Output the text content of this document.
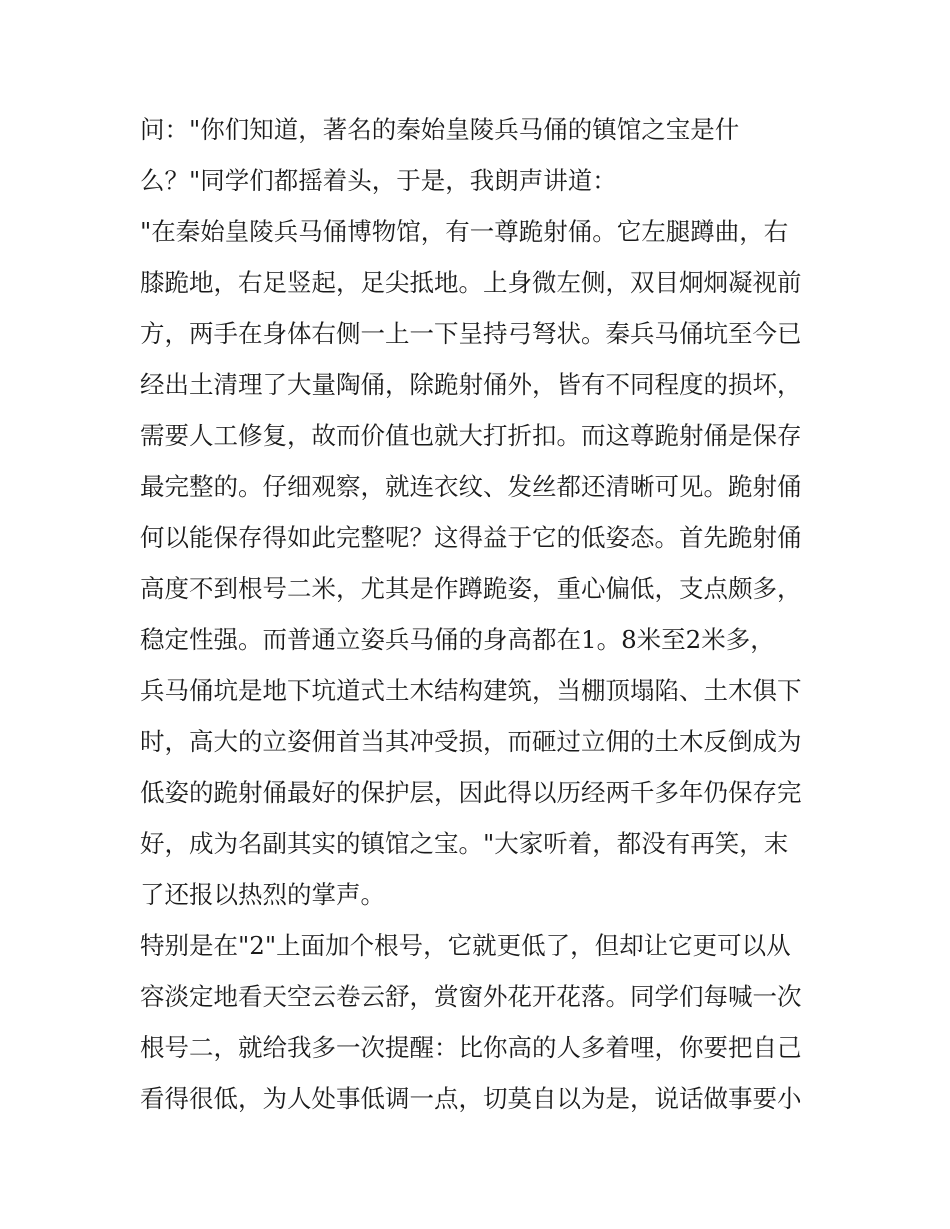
问："你们知道，著名的秦始皇陵兵马俑的镇馆之宝是什
么？"同学们都摇着头，于是，我朗声讲道：
"在秦始皇陵兵马俑博物馆，有一尊跪射俑。它左腿蹲曲，右
膝跪地，右足竖起，足尖抵地。上身微左侧，双目炯炯凝视前
方，两手在身体右侧一上一下呈持弓弩状。秦兵马俑坑至今已
经出土清理了大量陶俑，除跪射俑外，皆有不同程度的损坏，
需要人工修复，故而价值也就大打折扣。而这尊跪射俑是保存
最完整的。仔细观察，就连衣纹、发丝都还清晰可见。跪射俑
何以能保存得如此完整呢？这得益于它的低姿态。首先跪射俑
高度不到根号二米，尤其是作蹲跪姿，重心偏低，支点颇多，
稳定性强。而普通立姿兵马俑的身高都在1。8米至2米多，
兵马俑坑是地下坑道式土木结构建筑，当棚顶塌陷、土木俱下
时，高大的立姿佣首当其冲受损，而砸过立佣的土木反倒成为
低姿的跪射俑最好的保护层，因此得以历经两千多年仍保存完
好，成为名副其实的镇馆之宝。"大家听着，都没有再笑，末
了还报以热烈的掌声。
特别是在"2"上面加个根号，它就更低了，但却让它更可以从
容淡定地看天空云卷云舒，赏窗外花开花落。同学们每喊一次
根号二，就给我多一次提醒：比你高的人多着哩，你要把自己
看得很低，为人处事低调一点，切莫自以为是，说话做事要小
